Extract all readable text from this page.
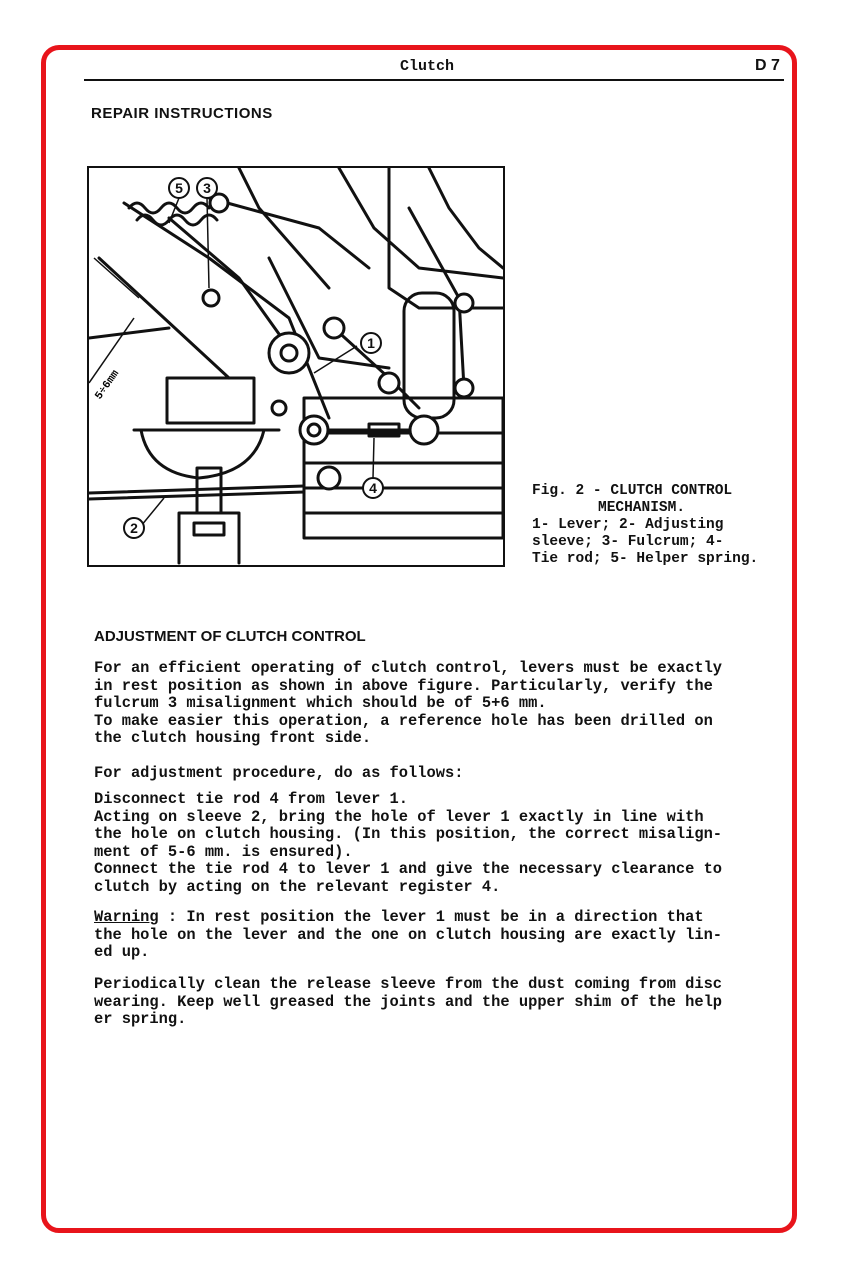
Clutch	D 7
REPAIR INSTRUCTIONS
5÷6mm
5 3
1
4
2
Fig. 2 - CLUTCH CONTROL
MECHANISM.
1- Lever; 2- Adjusting
sleeve; 3- Fulcrum; 4-
Tie rod; 5- Helper spring.
ADJUSTMENT OF CLUTCH CONTROL

For an efficient operating of clutch control, levers must be exactly

in rest position as shown in above figure. Particularly, verify the

fulcrum 3 misalignment which should be of 5+6 mm.

To make easier this operation, a reference hole has been drilled on

the clutch housing front side.

For adjustment procedure, do as follows:

Disconnect tie rod 4 from lever 1.

Acting on sleeve 2, bring the hole of lever 1 exactly in line with

the hole on clutch housing. (In this position, the correct misalign-

ment of 5-6 mm. is ensured).

Connect the tie rod 4 to lever 1 and give the necessary clearance to

clutch by acting on the relevant register 4.

Warning : In rest position the lever 1 must be in a direction that

the hole on the lever and the one on clutch housing are exactly lin-

ed up.

Periodically clean the release sleeve from the dust coming from disc

wearing. Keep well greased the joints and the upper shim of the help

er spring.
